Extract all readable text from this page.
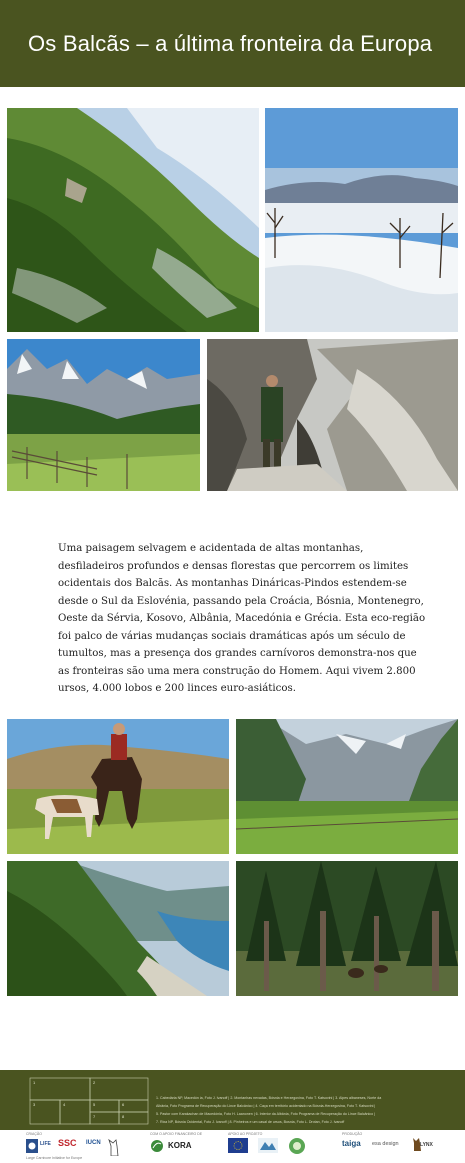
Os Balcãs – a última fronteira da Europa

Uma paisagem selvagem e acidentada de altas montanhas, desfiladeiros profundos e densas florestas que percorrem os limites ocidentais dos Balcãs. As montanhas Dináricas-Pindos estendem-se desde o Sul da Eslovénia, passando pela Croácia, Bósnia, Montenegro, Oeste da Sérvia, Kosovo, Albânia, Macedónia e Grécia. Esta eco-região foi palco de várias mudanças sociais dramáticas após um século de tumultos, mas a presença dos grandes carnívoros demonstra-nos que as fronteiras são uma mera construção do Homem. Aqui vivem 2.800 ursos, 4.000 lobos e 200 linces euro-asiáticos.

1	2
3	4	5	6
7	8
1. Cabedária NP, Macedón ia, Foto J. Ivanoff | 2. Montanhas nevadas, Bósnia e Herzegovina, Foto T. Katsovini | 3. Alpes albaneses, Norte da
Albânia, Foto Programa de Recuperação do Lince Balcânico | 4. Caça em território acidentado na Bósnia-Herzegovina, Foto T. Katsovini |
5. Pastor com Karakachan de Macedónia, Foto H. Laanonen | 6. Interior da Albânia, Foto Programa de Recuperação do Lince Balcânico |
7. Rixa NP, Bósnia Ocidental, Foto J. Ivanoff | 8. Pinheiros e um casal de ursos, Bosnia, Foto L. Drotan, Foto J. Ivanoff
CRIAÇÃO	COM O APOIO FINANCEIRO DE	APOIO AO PROJETO	PRODUÇÃO
LIFE SSC IUCN	KORA	taiga esa design	LYNX
Large Carnivore Initiative for Europe
